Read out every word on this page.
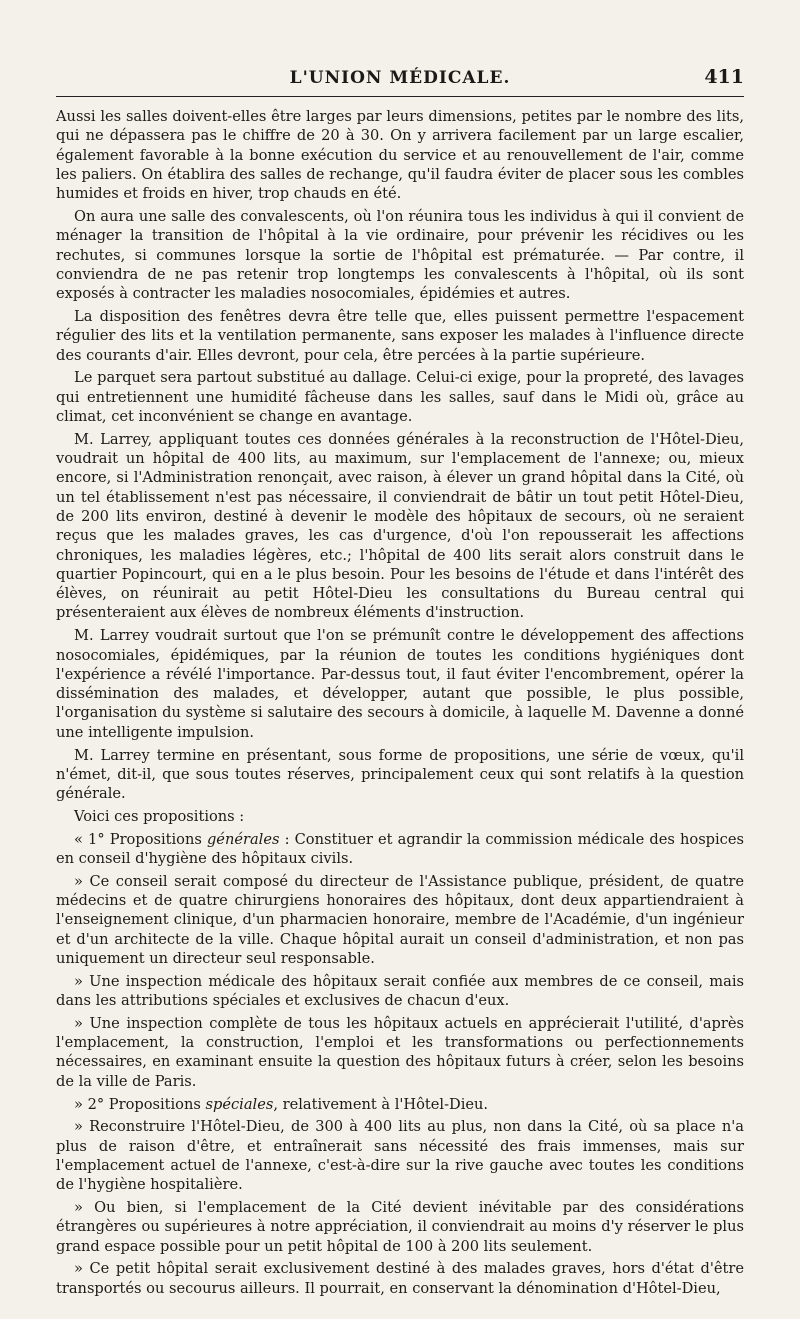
L'UNION MÉDICALE.	411

Aussi les salles doivent-elles être larges par leurs dimensions, petites par le nombre des lits, qui ne dépassera pas le chiffre de 20 à 30. On y arrivera facilement par un large escalier, également favorable à la bonne exécution du service et au renouvellement de l'air, comme les paliers. On établira des salles de rechange, qu'il faudra éviter de placer sous les combles humides et froids en hiver, trop chauds en été.

On aura une salle des convalescents, où l'on réunira tous les individus à qui il convient de ménager la transition de l'hôpital à la vie ordinaire, pour prévenir les récidives ou les rechutes, si communes lorsque la sortie de l'hôpital est prématurée. — Par contre, il conviendra de ne pas retenir trop longtemps les convalescents à l'hôpital, où ils sont exposés à contracter les maladies nosocomiales, épidémies et autres.

La disposition des fenêtres devra être telle que, elles puissent permettre l'espacement régulier des lits et la ventilation permanente, sans exposer les malades à l'influence directe des courants d'air. Elles devront, pour cela, être percées à la partie supérieure.

Le parquet sera partout substitué au dallage. Celui-ci exige, pour la propreté, des lavages qui entretiennent une humidité fâcheuse dans les salles, sauf dans le Midi où, grâce au climat, cet inconvénient se change en avantage.

M. Larrey, appliquant toutes ces données générales à la reconstruction de l'Hôtel-Dieu, voudrait un hôpital de 400 lits, au maximum, sur l'emplacement de l'annexe; ou, mieux encore, si l'Administration renonçait, avec raison, à élever un grand hôpital dans la Cité, où un tel établissement n'est pas nécessaire, il conviendrait de bâtir un tout petit Hôtel-Dieu, de 200 lits environ, destiné à devenir le modèle des hôpitaux de secours, où ne seraient reçus que les malades graves, les cas d'urgence, d'où l'on repousserait les affections chroniques, les maladies légères, etc.; l'hôpital de 400 lits serait alors construit dans le quartier Popincourt, qui en a le plus besoin. Pour les besoins de l'étude et dans l'intérêt des élèves, on réunirait au petit Hôtel-Dieu les consultations du Bureau central qui présenteraient aux élèves de nombreux éléments d'instruction.

M. Larrey voudrait surtout que l'on se prémunît contre le développement des affections nosocomiales, épidémiques, par la réunion de toutes les conditions hygiéniques dont l'expérience a révélé l'importance. Par-dessus tout, il faut éviter l'encombrement, opérer la dissémination des malades, et développer, autant que possible, le plus possible, l'organisation du système si salutaire des secours à domicile, à laquelle M. Davenne a donné une intelligente impulsion.

M. Larrey termine en présentant, sous forme de propositions, une série de vœux, qu'il n'émet, dit-il, que sous toutes réserves, principalement ceux qui sont relatifs à la question générale.

Voici ces propositions :

« 1° Propositions générales : Constituer et agrandir la commission médicale des hospices en conseil d'hygiène des hôpitaux civils.

» Ce conseil serait composé du directeur de l'Assistance publique, président, de quatre médecins et de quatre chirurgiens honoraires des hôpitaux, dont deux appartiendraient à l'enseignement clinique, d'un pharmacien honoraire, membre de l'Académie, d'un ingénieur et d'un architecte de la ville. Chaque hôpital aurait un conseil d'administration, et non pas uniquement un directeur seul responsable.

» Une inspection médicale des hôpitaux serait confiée aux membres de ce conseil, mais dans les attributions spéciales et exclusives de chacun d'eux.

» Une inspection complète de tous les hôpitaux actuels en apprécierait l'utilité, d'après l'emplacement, la construction, l'emploi et les transformations ou perfectionnements nécessaires, en examinant ensuite la question des hôpitaux futurs à créer, selon les besoins de la ville de Paris.

» 2° Propositions spéciales, relativement à l'Hôtel-Dieu.

» Reconstruire l'Hôtel-Dieu, de 300 à 400 lits au plus, non dans la Cité, où sa place n'a plus de raison d'être, et entraînerait sans nécessité des frais immenses, mais sur l'emplacement actuel de l'annexe, c'est-à-dire sur la rive gauche avec toutes les conditions de l'hygiène hospitalière.

» Ou bien, si l'emplacement de la Cité devient inévitable par des considérations étrangères ou supérieures à notre appréciation, il conviendrait au moins d'y réserver le plus grand espace possible pour un petit hôpital de 100 à 200 lits seulement.

» Ce petit hôpital serait exclusivement destiné à des malades graves, hors d'état d'être transportés ou secourus ailleurs. Il pourrait, en conservant la dénomination d'Hôtel-Dieu,
